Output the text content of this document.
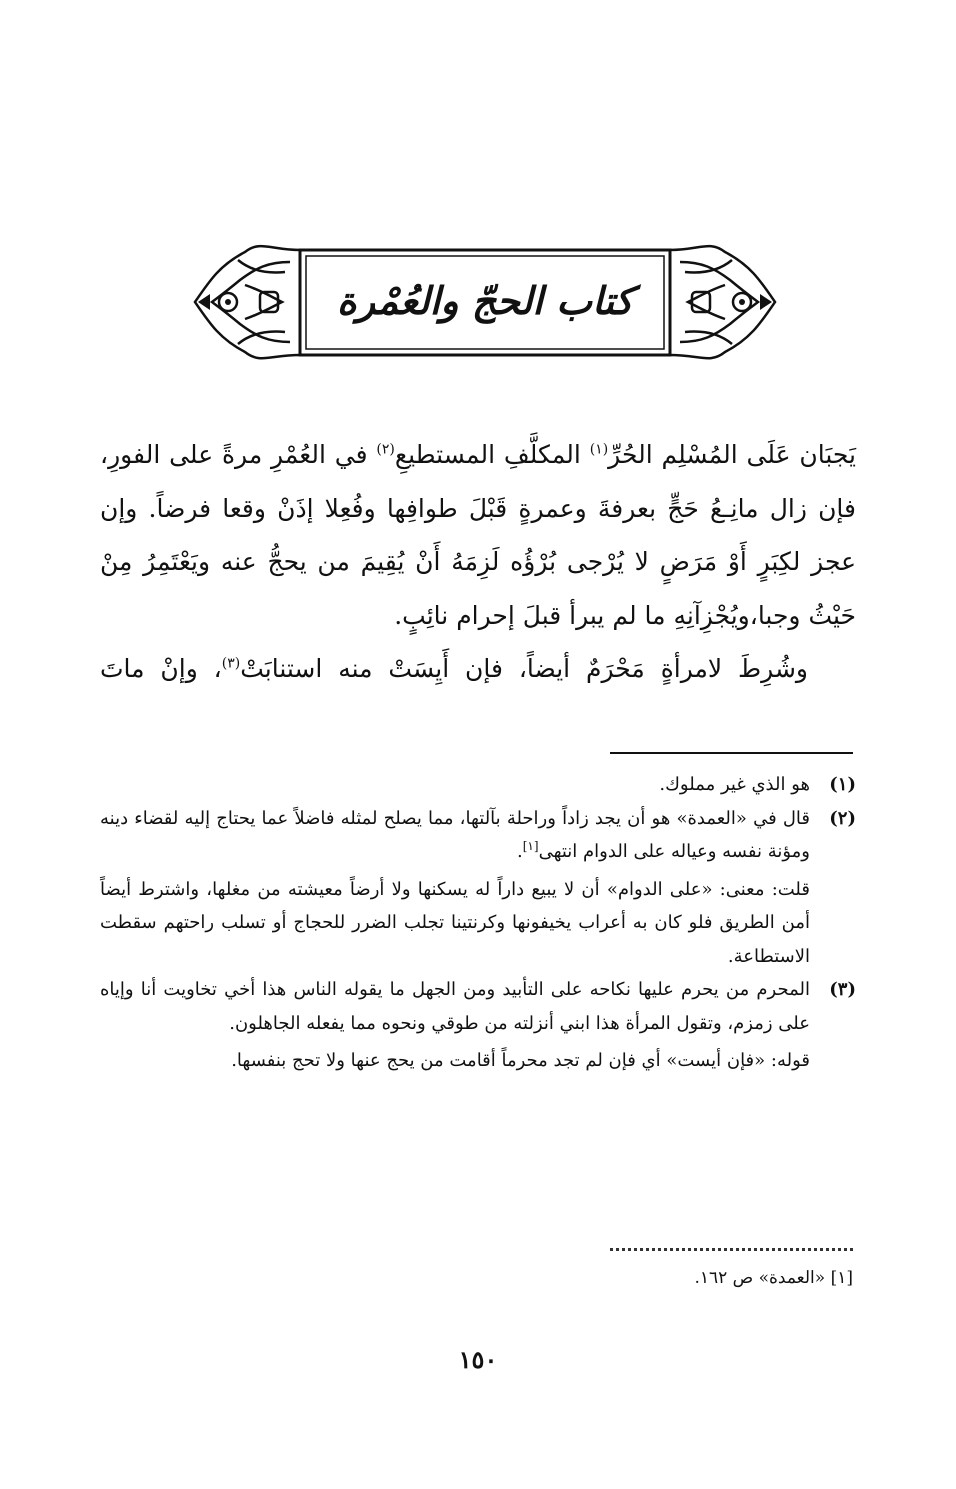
كتاب الحجّ والعُمْرة

يَجبَان عَلَى المُسْلِم الحُرِّ$^{(١)}$ المكلَّفِ المستطيعِ$^{(٢)}$ في العُمْرِ مرةً على الفورِ، فإن زال مانِـعُ حَجٍّ بعرفةَ وعمرةٍ قَبْلَ طوافِها وفُعِلا إذَنْ وقعا فرضاً. وإن عجز لكِبَرٍ أَوْ مَرَضٍ لا يُرْجى بُرْؤُه لَزِمَهُ أَنْ يُقِيمَ من يحجُّ عنه ويَعْتَمِرُ مِنْ حَيْثُ وجبا،ويُجْزِآنِهِ ما لم يبرأ قبلَ إحرام نائِبٍ.

وشُرِطَ لامرأةٍ مَحْرَمٌ أيضاً، فإن أَيِسَتْ منه استنابَتْ$^{(٣)}$، وإنْ ماتَ

(١)

هو الذي غير مملوك.

(٢)

قال في «العمدة» هو أن يجد زاداً وراحلة بآلتها، مما يصلح لمثله فاضلاً عما يحتاج إليه لقضاء دينه ومؤنة نفسه وعياله على الدوام انتهى[١].

قلت: معنى: «على الدوام» أن لا يبيع داراً له يسكنها ولا أرضاً معيشته من مغلها، واشترط أيضاً أمن الطريق فلو كان به أعراب يخيفونها وكرنتينا تجلب الضرر للحجاج أو تسلب راحتهم سقطت الاستطاعة.

(٣)

المحرم من يحرم عليها نكاحه على التأبيد ومن الجهل ما يقوله الناس هذا أخي تخاويت أنا وإياه على زمزم، وتقول المرأة هذا ابني أنزلته من طوقي ونحوه مما يفعله الجاهلون.

قوله: «فإن أيست» أي فإن لم تجد محرماً أقامت من يحج عنها ولا تحج بنفسها.

[١] «العمدة» ص ١٦٢.
١٥٠
